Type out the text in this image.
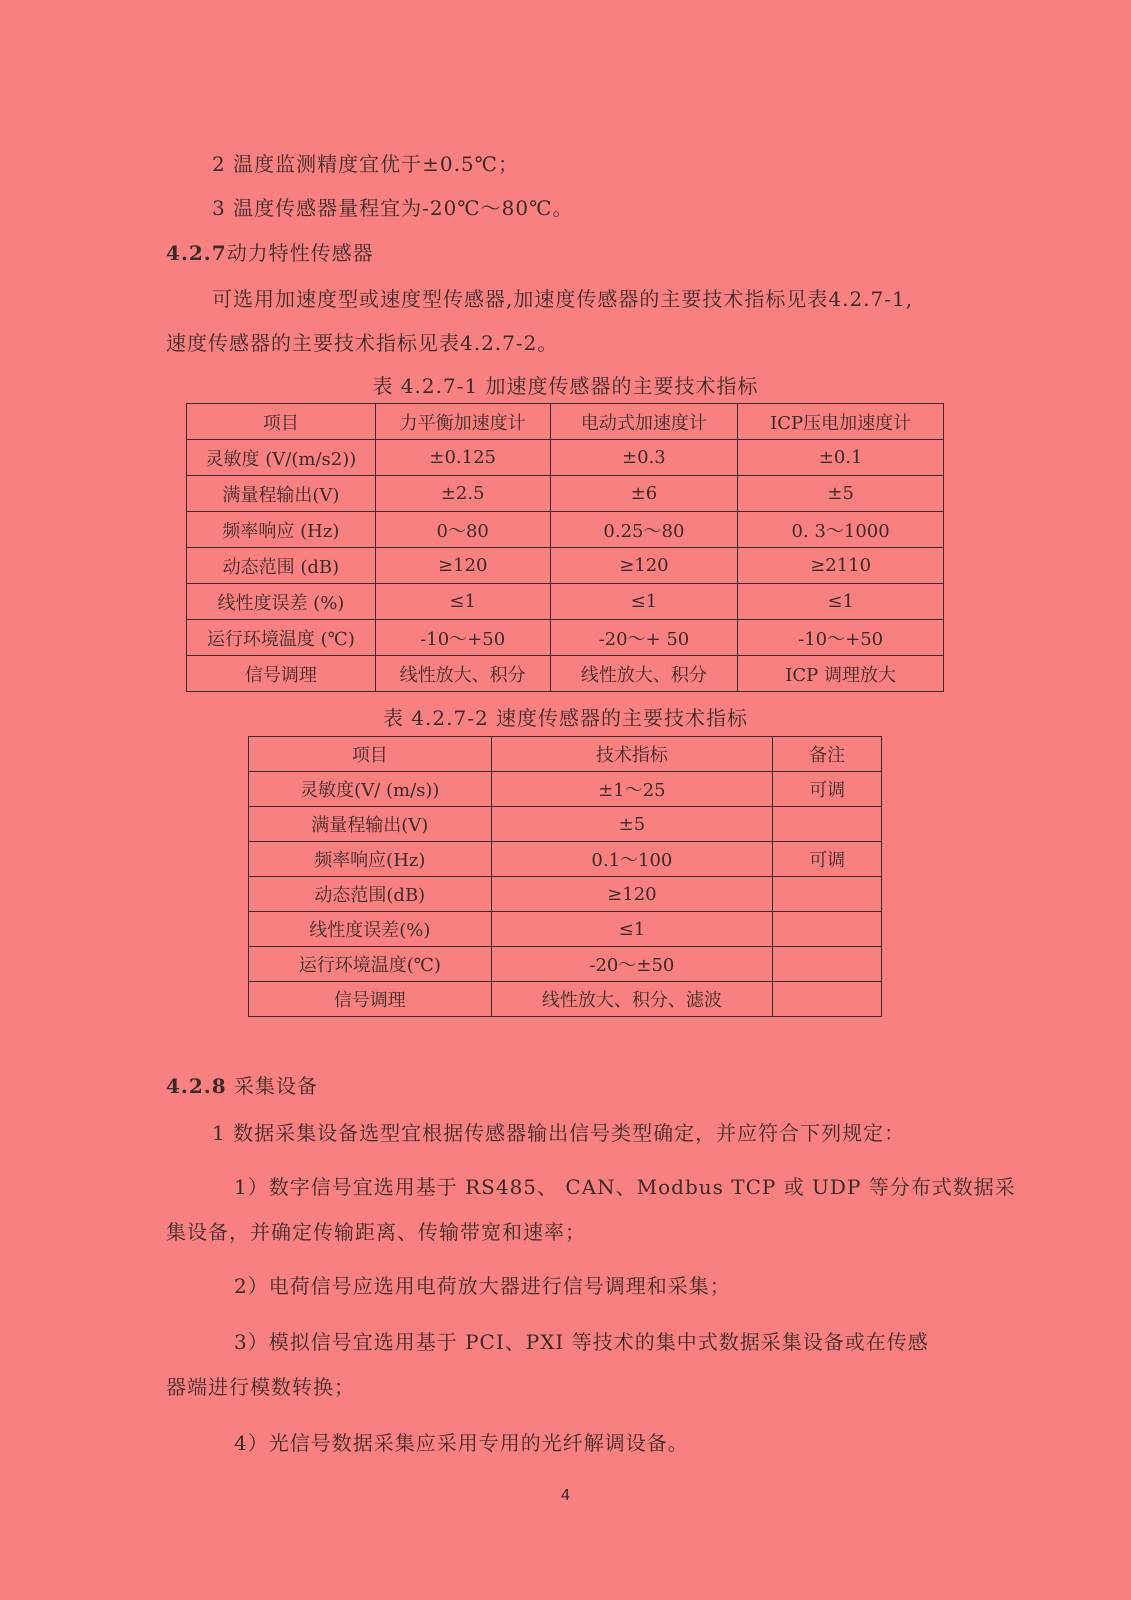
2 温度监测精度宜优于±0.5℃；
3 温度传感器量程宜为-20℃～80℃。
4.2.7动力特性传感器
可选用加速度型或速度型传感器,加速度传感器的主要技术指标见表4.2.7-1,
速度传感器的主要技术指标见表4.2.7-2。
表 4.2.7-1 加速度传感器的主要技术指标
项目	力平衡加速度计	电动式加速度计	ICP压电加速度计
灵敏度 (V/(m/s2))	±0.125	±0.3	±0.1
满量程输出(V)	±2.5	±6	±5
频率响应 (Hz)	0～80	0.25～80	0. 3～1000
动态范围 (dB)	≥120	≥120	≥2110
线性度误差 (%)	≤1	≤1	≤1
运行环境温度 (℃)	-10～+50	-20～+ 50	-10～+50
信号调理	线性放大、积分	线性放大、积分	ICP 调理放大
表 4.2.7-2 速度传感器的主要技术指标
项目	技术指标	备注
灵敏度(V/ (m/s))	±1～25	可调
满量程输出(V)	±5	
频率响应(Hz)	0.1～100	可调
动态范围(dB)	≥120	
线性度误差(%)	≤1	
运行环境温度(℃)	-20～±50	
信号调理	线性放大、积分、滤波	
4.2.8 采集设备
1 数据采集设备选型宜根据传感器输出信号类型确定，并应符合下列规定：
1）数字信号宜选用基于 RS485、 CAN、Modbus TCP 或 UDP 等分布式数据采
集设备，并确定传输距离、传输带宽和速率；
2）电荷信号应选用电荷放大器进行信号调理和采集；
3）模拟信号宜选用基于 PCI、PXI 等技术的集中式数据采集设备或在传感
器端进行模数转换；
4）光信号数据采集应采用专用的光纤解调设备。
4
